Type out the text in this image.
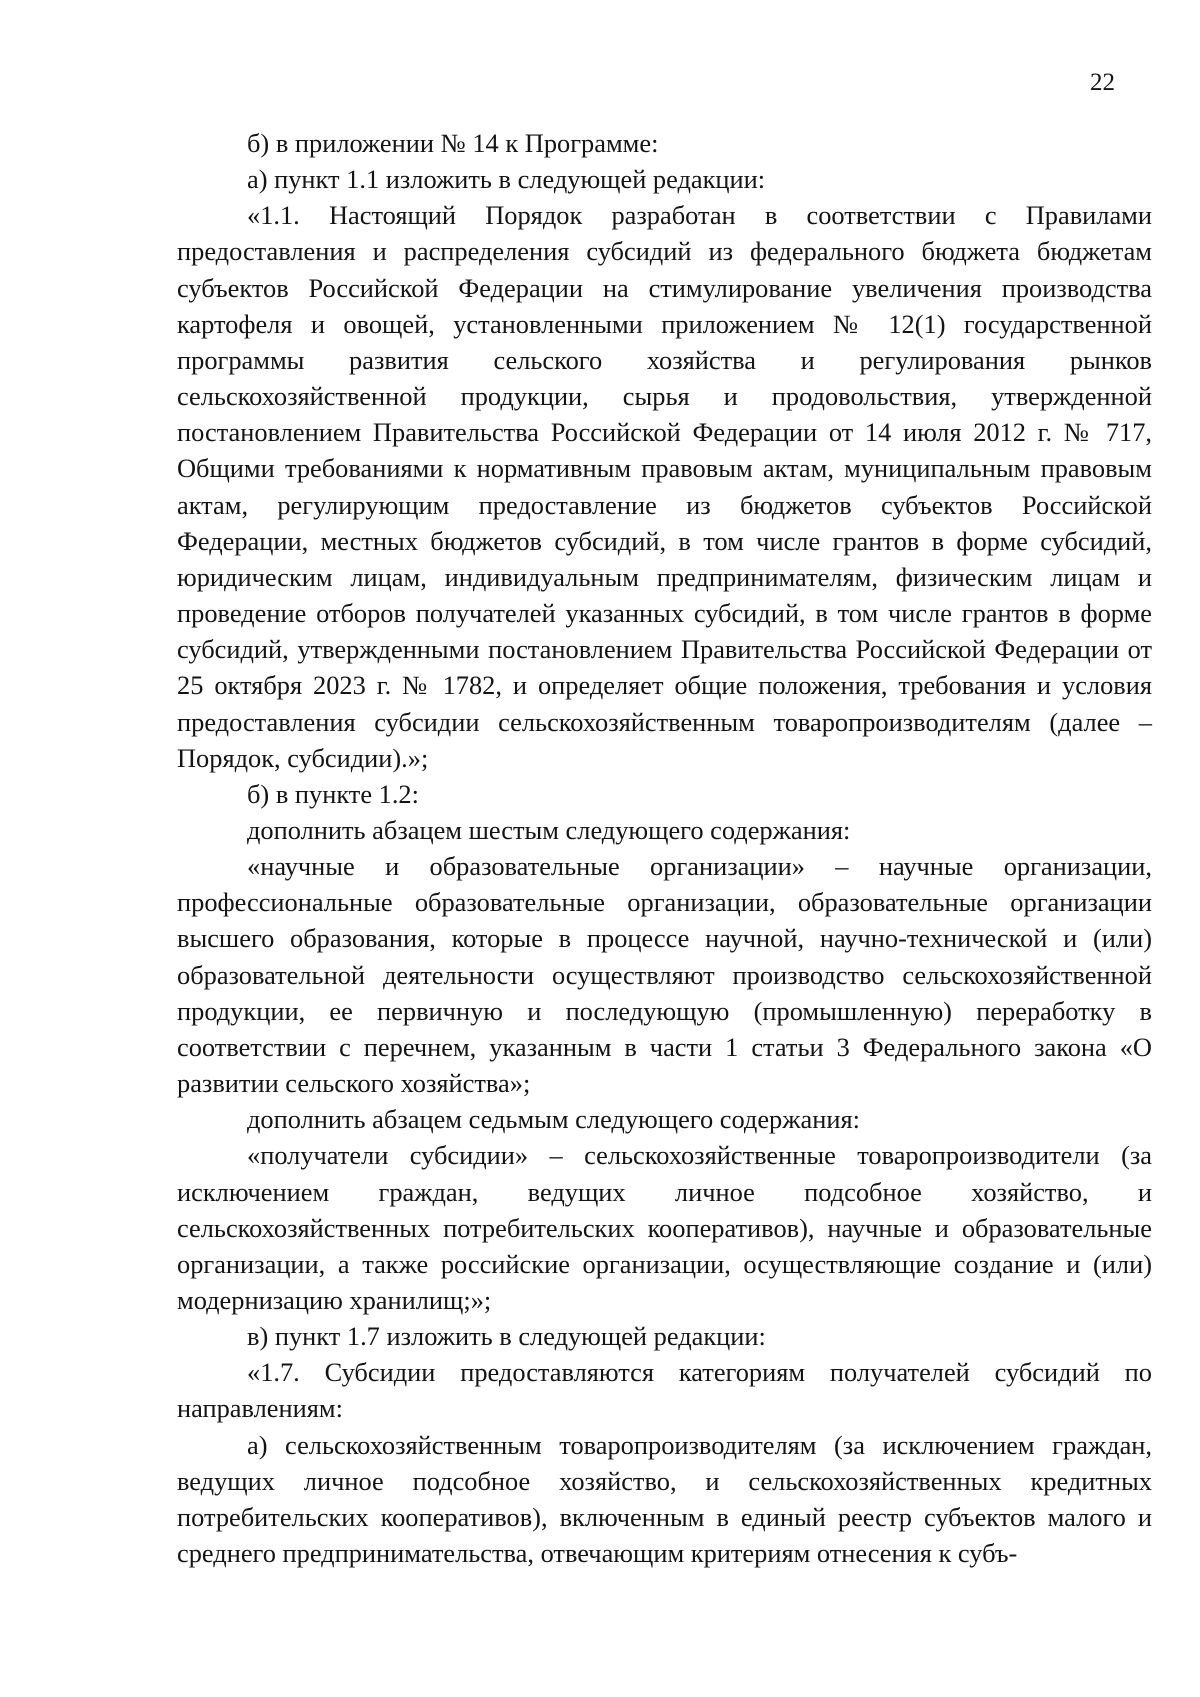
22

б) в приложении № 14 к Программе:

а) пункт 1.1 изложить в следующей редакции:

«1.1. Настоящий Порядок разработан в соответствии с Правилами предоставления и распределения субсидий из федерального бюджета бюджетам субъектов Российской Федерации на стимулирование увеличения производства картофеля и овощей, установленными приложением № 12(1) государственной программы развития сельского хозяйства и регулирования рынков сельскохозяйственной продукции, сырья и продовольствия, утвержденной постановлением Правительства Российской Федерации от 14 июля 2012 г. № 717, Общими требованиями к нормативным правовым актам, муниципальным правовым актам, регулирующим предоставление из бюджетов субъектов Российской Федерации, местных бюджетов субсидий, в том числе грантов в форме субсидий, юридическим лицам, индивидуальным предпринимателям, физическим лицам и проведение отборов получателей указанных субсидий, в том числе грантов в форме субсидий, утвержденными постановлением Правительства Российской Федерации от 25 октября 2023 г. № 1782, и определяет общие положения, требования и условия предоставления субсидии сельскохозяйственным товаропроизводителям (далее – Порядок, субсидии).»;

б) в пункте 1.2:

дополнить абзацем шестым следующего содержания:

«научные и образовательные организации» – научные организации, профессиональные образовательные организации, образовательные организации высшего образования, которые в процессе научной, научно-технической и (или) образовательной деятельности осуществляют производство сельскохозяйственной продукции, ее первичную и последующую (промышленную) переработку в соответствии с перечнем, указанным в части 1 статьи 3 Федерального закона «О развитии сельского хозяйства»;

дополнить абзацем седьмым следующего содержания:

«получатели субсидии» – сельскохозяйственные товаропроизводители (за исключением граждан, ведущих личное подсобное хозяйство, и сельскохозяйственных потребительских кооперативов), научные и образовательные организации, а также российские организации, осуществляющие создание и (или) модернизацию хранилищ;»;

в) пункт 1.7 изложить в следующей редакции:

«1.7. Субсидии предоставляются категориям получателей субсидий по направлениям:

а) сельскохозяйственным товаропроизводителям (за исключением граждан, ведущих личное подсобное хозяйство, и сельскохозяйственных кредитных потребительских кооперативов), включенным в единый реестр субъектов малого и среднего предпринимательства, отвечающим критериям отнесения к субъ-
